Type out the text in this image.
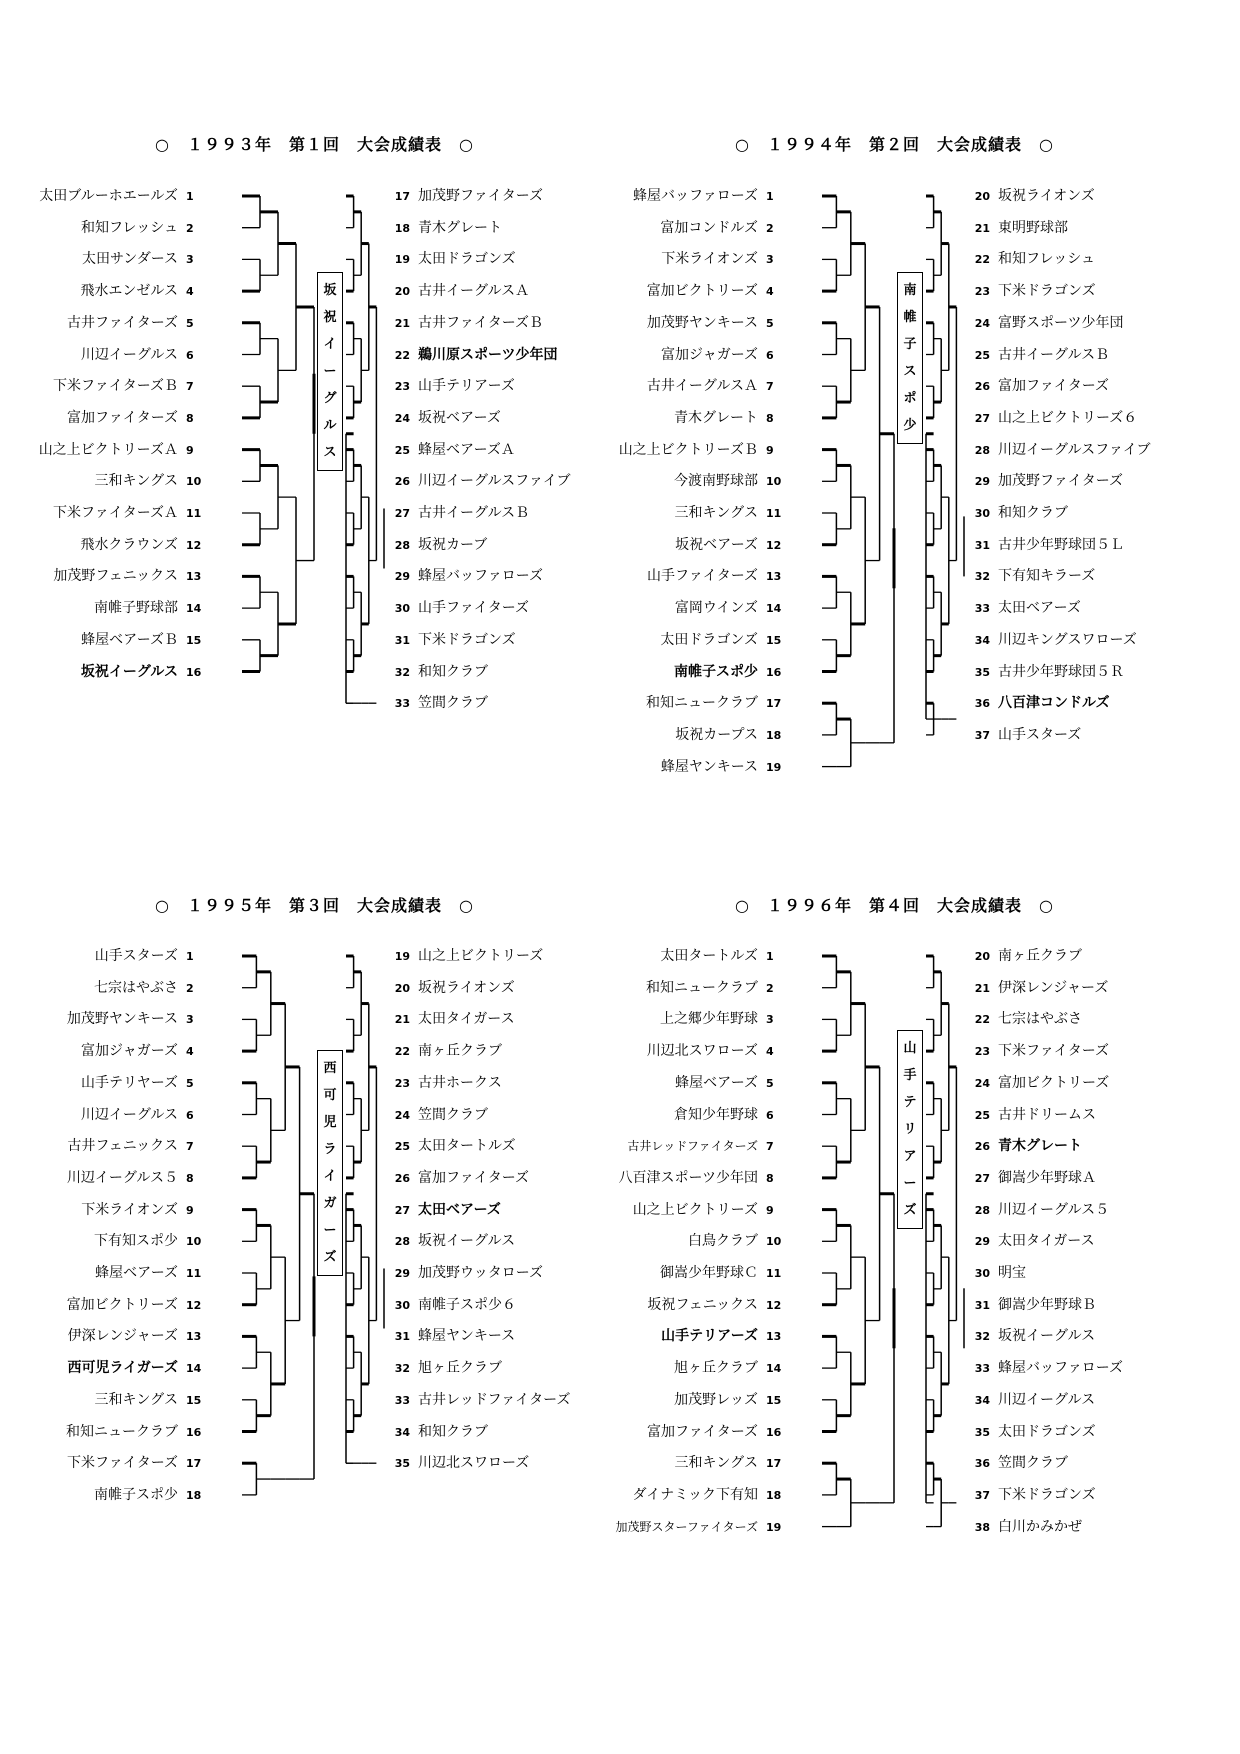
○　１９９３年　第１回　大会成績表　○
太田ブルーホエールズ 1
和知フレッシュ 2
太田サンダース 3
飛水エンゼルス 4
古井ファイターズ 5
川辺イーグルス 6
下米ファイターズＢ 7
富加ファイターズ 8
山之上ビクトリーズＡ 9
三和キングス 10
下米ファイターズＡ 11
飛水クラウンズ 12
加茂野フェニックス 13
南帷子野球部 14
蜂屋ベアーズＢ 15
坂祝イーグルス 16
17 加茂野ファイターズ
18 青木グレート
19 太田ドラゴンズ
20 古井イーグルスＡ
21 古井ファイターズＢ
22 鵜川原スポーツ少年団
23 山手テリアーズ
24 坂祝ベアーズ
25 蜂屋ベアーズＡ
26 川辺イーグルスファイブ
27 古井イーグルスＢ
28 坂祝カーブ
29 蜂屋バッファローズ
30 山手ファイターズ
31 下米ドラゴンズ
32 和知クラブ
33 笠間クラブ
坂
祝
イ
ー
グ
ル
ス
○　１９９４年　第２回　大会成績表　○
蜂屋バッファローズ 1
富加コンドルズ 2
下米ライオンズ 3
富加ビクトリーズ 4
加茂野ヤンキース 5
富加ジャガーズ 6
古井イーグルスＡ 7
青木グレート 8
山之上ビクトリーズＢ 9
今渡南野球部 10
三和キングス 11
坂祝ベアーズ 12
山手ファイターズ 13
富岡ウインズ 14
太田ドラゴンズ 15
南帷子スポ少 16
和知ニュークラブ 17
坂祝カープス 18
蜂屋ヤンキース 19
20 坂祝ライオンズ
21 東明野球部
22 和知フレッシュ
23 下米ドラゴンズ
24 富野スポーツ少年団
25 古井イーグルスＢ
26 富加ファイターズ
27 山之上ビクトリーズ６
28 川辺イーグルスファイブ
29 加茂野ファイターズ
30 和知クラブ
31 古井少年野球団５Ｌ
32 下有知キラーズ
33 太田ベアーズ
34 川辺キングスワローズ
35 古井少年野球団５Ｒ
36 八百津コンドルズ
37 山手スターズ
南
帷
子
ス
ポ
少
○　１９９５年　第３回　大会成績表　○
山手スターズ 1
七宗はやぶさ 2
加茂野ヤンキース 3
富加ジャガーズ 4
山手テリヤーズ 5
川辺イーグルス 6
古井フェニックス 7
川辺イーグルス５ 8
下米ライオンズ 9
下有知スポ少 10
蜂屋ベアーズ 11
富加ビクトリーズ 12
伊深レンジャーズ 13
西可児ライガーズ 14
三和キングス 15
和知ニュークラブ 16
下米ファイターズ 17
南帷子スポ少 18
19 山之上ビクトリーズ
20 坂祝ライオンズ
21 太田タイガース
22 南ヶ丘クラブ
23 古井ホークス
24 笠間クラブ
25 太田タートルズ
26 富加ファイターズ
27 太田ベアーズ
28 坂祝イーグルス
29 加茂野ウッタローズ
30 南帷子スポ少６
31 蜂屋ヤンキース
32 旭ヶ丘クラブ
33 古井レッドファイターズ
34 和知クラブ
35 川辺北スワローズ
西
可
児
ラ
イ
ガ
ー
ズ
○　１９９６年　第４回　大会成績表　○
太田タートルズ 1
和知ニュークラブ 2
上之郷少年野球 3
川辺北スワローズ 4
蜂屋ベアーズ 5
倉知少年野球 6
古井レッドファイターズ 7
八百津スポーツ少年団 8
山之上ビクトリーズ 9
白鳥クラブ 10
御嵩少年野球Ｃ 11
坂祝フェニックス 12
山手テリアーズ 13
旭ヶ丘クラブ 14
加茂野レッズ 15
富加ファイターズ 16
三和キングス 17
ダイナミック下有知 18
加茂野スターファイターズ 19
20 南ヶ丘クラブ
21 伊深レンジャーズ
22 七宗はやぶさ
23 下米ファイターズ
24 富加ビクトリーズ
25 古井ドリームス
26 青木グレート
27 御嵩少年野球Ａ
28 川辺イーグルス５
29 太田タイガース
30 明宝
31 御嵩少年野球Ｂ
32 坂祝イーグルス
33 蜂屋バッファローズ
34 川辺イーグルス
35 太田ドラゴンズ
36 笠間クラブ
37 下米ドラゴンズ
38 白川かみかぜ
山
手
テ
リ
ア
ー
ズ
